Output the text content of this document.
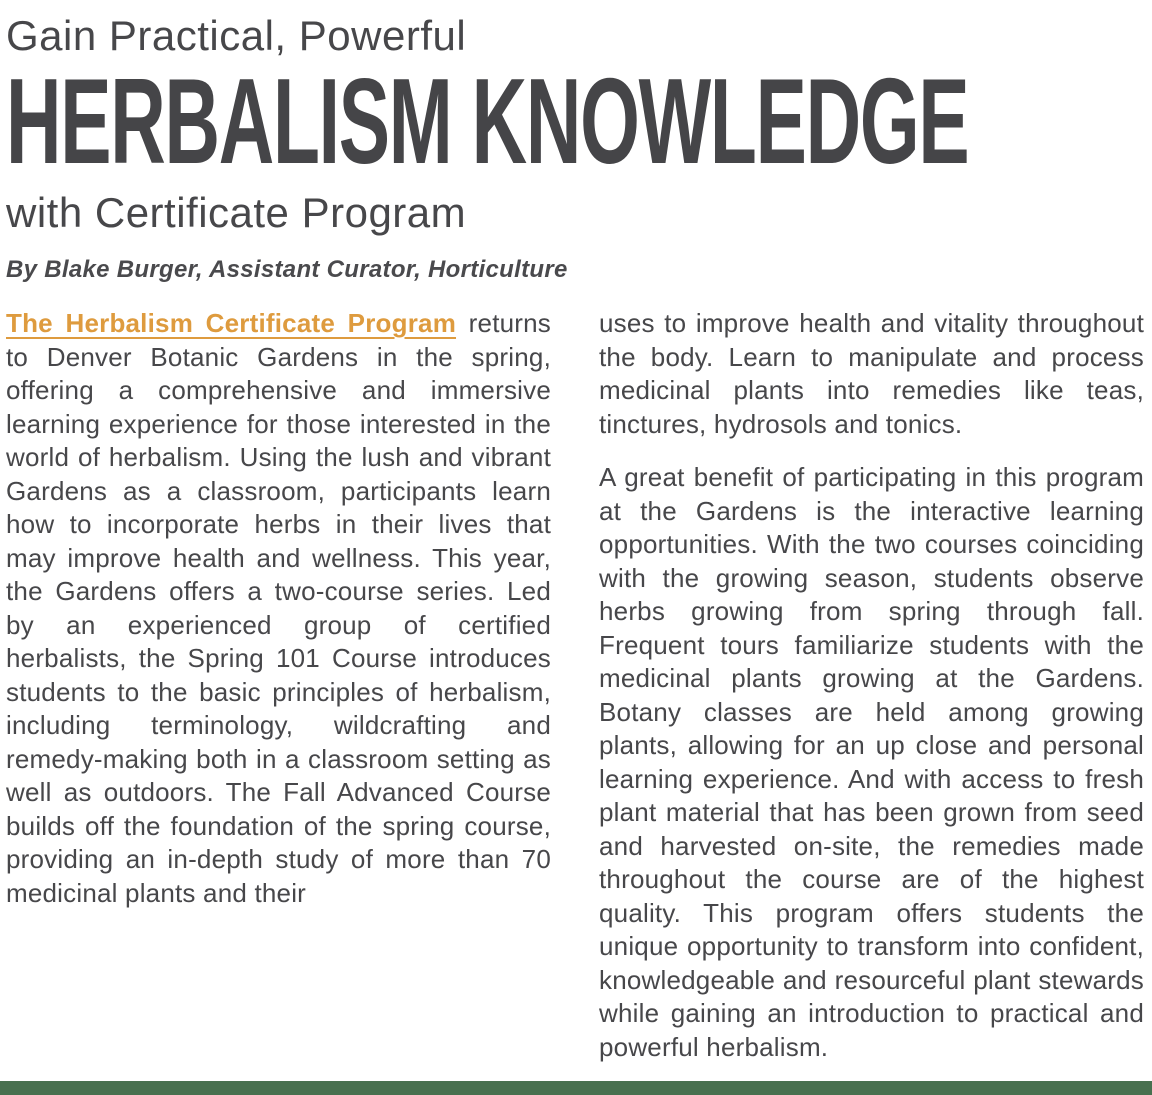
Gain Practical, Powerful
HERBALISM KNOWLEDGE
with Certificate Program
By Blake Burger, Assistant Curator, Horticulture

The Herbalism Certificate Program returns to Denver Botanic Gardens in the spring, offering a comprehensive and immersive learning experience for those interested in the world of herbalism. Using the lush and vibrant Gardens as a classroom, participants learn how to incorporate herbs in their lives that may improve health and wellness. This year, the Gardens offers a two-course series. Led by an experienced group of certified herbalists, the Spring 101 Course introduces students to the basic principles of herbalism, including terminology, wildcrafting and remedy-making both in a classroom setting as well as outdoors. The Fall Advanced Course builds off the foundation of the spring course, providing an in-depth study of more than 70 medicinal plants and their

uses to improve health and vitality throughout the body. Learn to manipulate and process medicinal plants into remedies like teas, tinctures, hydrosols and tonics.

A great benefit of participating in this program at the Gardens is the interactive learning opportunities. With the two courses coinciding with the growing season, students observe herbs growing from spring through fall. Frequent tours familiarize students with the medicinal plants growing at the Gardens. Botany classes are held among growing plants, allowing for an up close and personal learning experience. And with access to fresh plant material that has been grown from seed and harvested on-site, the remedies made throughout the course are of the highest quality. This program offers students the unique opportunity to transform into confident, knowledgeable and resourceful plant stewards while gaining an introduction to practical and powerful herbalism.
